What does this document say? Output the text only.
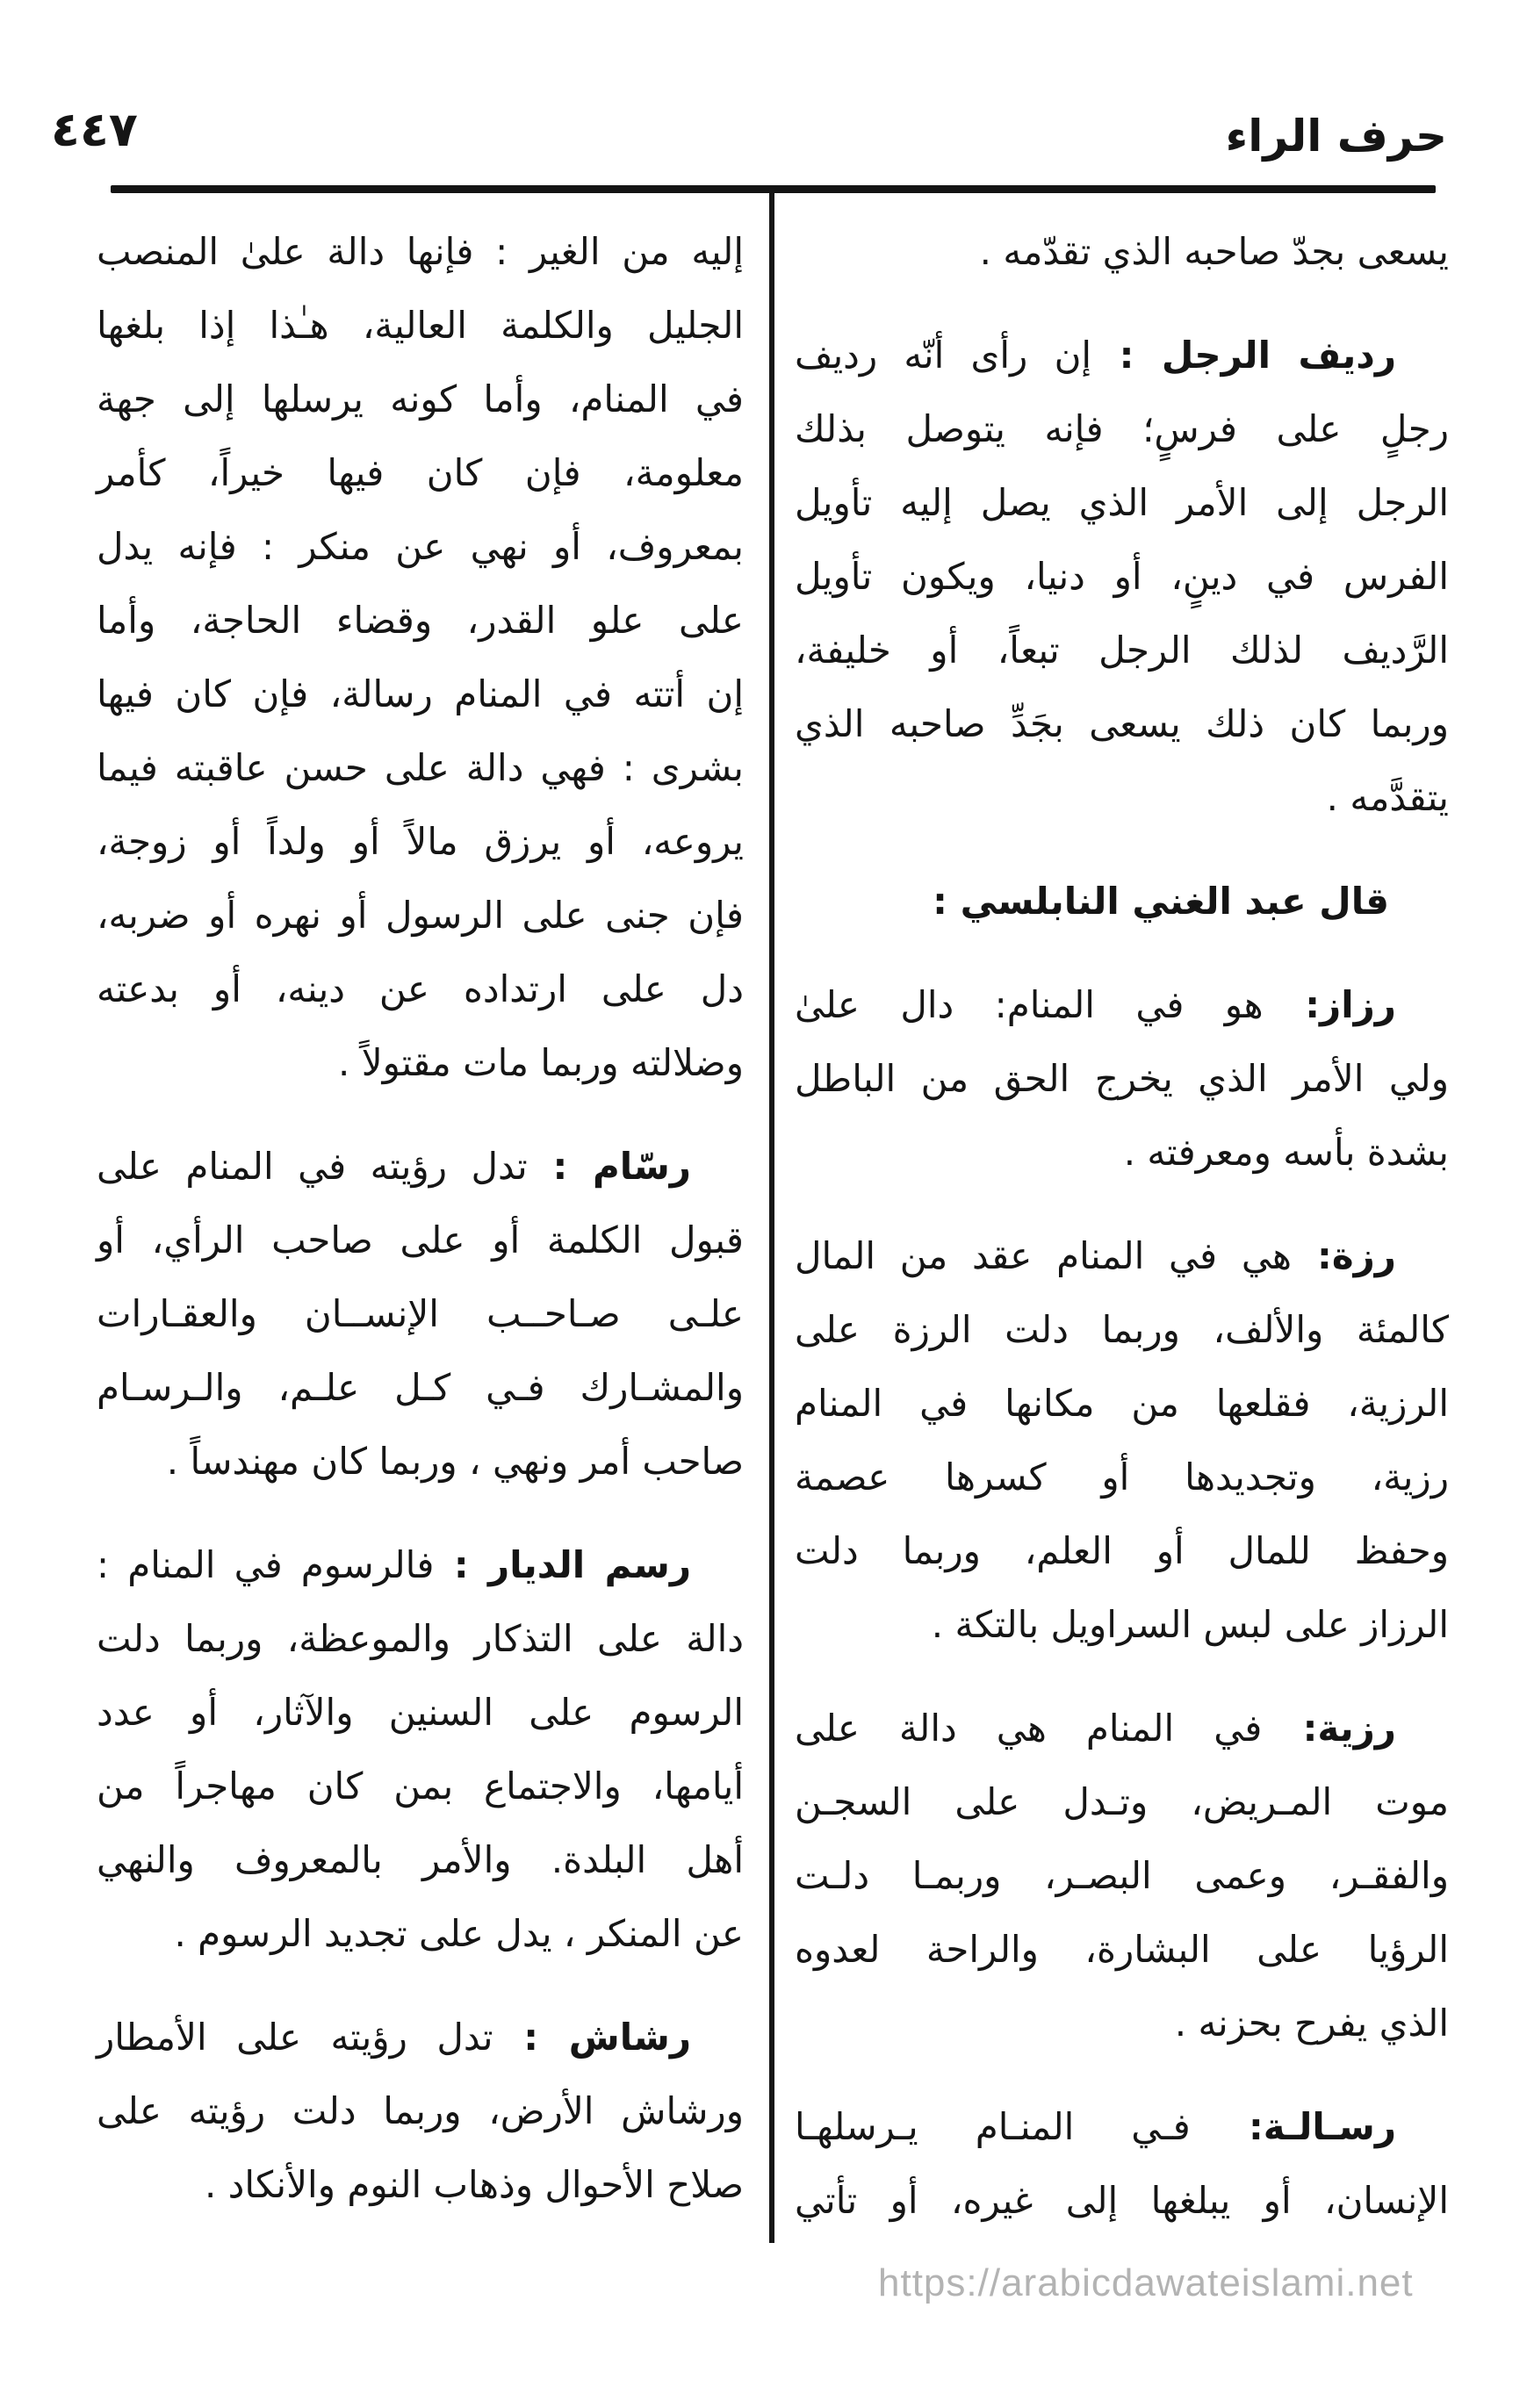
٤٤٧	حرف الراء
يسعى بجدّ صاحبه الذي تقدّمه .
رديف الرجل : إن رأى أنّه رديف
رجلٍ على فرسٍ؛ فإنه يتوصل بذلك
الرجل إلى الأمر الذي يصل إليه تأويل
الفرس في دينٍ، أو دنيا، ويكون تأويل
الرَّديف لذلك الرجل تبعاً، أو خليفة،
وربما كان ذلك يسعى بجَدِّ صاحبه الذي
يتقدَّمه .
قال عبد الغني النابلسي :
رزاز: هو في المنام: دال علىٰ
ولي الأمر الذي يخرج الحق من الباطل
بشدة بأسه ومعرفته .
رزة: هي في المنام عقد من المال
كالمئة والألف، وربما دلت الرزة على
الرزية، فقلعها من مكانها في المنام
رزية، وتجديدها أو كسرها عصمة
وحفظ للمال أو العلم، وربما دلت
الرزاز على لبس السراويل بالتكة .
رزية: في المنام هي دالة على
موت المـريض، وتـدل على السجـن
والفقـر، وعمى البصـر، وربمـا دلـت
الرؤيا على البشارة، والراحة لعدوه
الذي يفرح بحزنه .
رسـالـة: فـي المنـام يـرسلهـا
الإنسان، أو يبلغها إلى غيره، أو تأتي
إليه من الغير : فإنها دالة علىٰ المنصب
الجليل والكلمة العالية، هـٰذا إذا بلغها
في المنام، وأما كونه يرسلها إلى جهة
معلومة، فإن كان فيها خيراً، كأمر
بمعروف، أو نهي عن منكر : فإنه يدل
على علو القدر، وقضاء الحاجة، وأما
إن أتته في المنام رسالة، فإن كان فيها
بشرى : فهي دالة على حسن عاقبته فيما
يروعه، أو يرزق مالاً أو ولداً أو زوجة،
فإن جنى على الرسول أو نهره أو ضربه،
دل على ارتداده عن دينه، أو بدعته
وضلالته وربما مات مقتولاً .
رسّام : تدل رؤيته في المنام على
قبول الكلمة أو على صاحب الرأي، أو
علـى صـاحــب الإنســان والعقـارات
والمشـارك فـي كـل علـم، والـرسـام
صاحب أمر ونهي ، وربما كان مهندساً .
رسم الديار : فالرسوم في المنام :
دالة على التذكار والموعظة، وربما دلت
الرسوم على السنين والآثار، أو عدد
أيامها، والاجتماع بمن كان مهاجراً من
أهل البلدة. والأمر بالمعروف والنهي
عن المنكر ، يدل على تجديد الرسوم .
رشاش : تدل رؤيته على الأمطار
ورشاش الأرض، وربما دلت رؤيته على
صلاح الأحوال وذهاب النوم والأنكاد .
https://arabicdawateislami.net
